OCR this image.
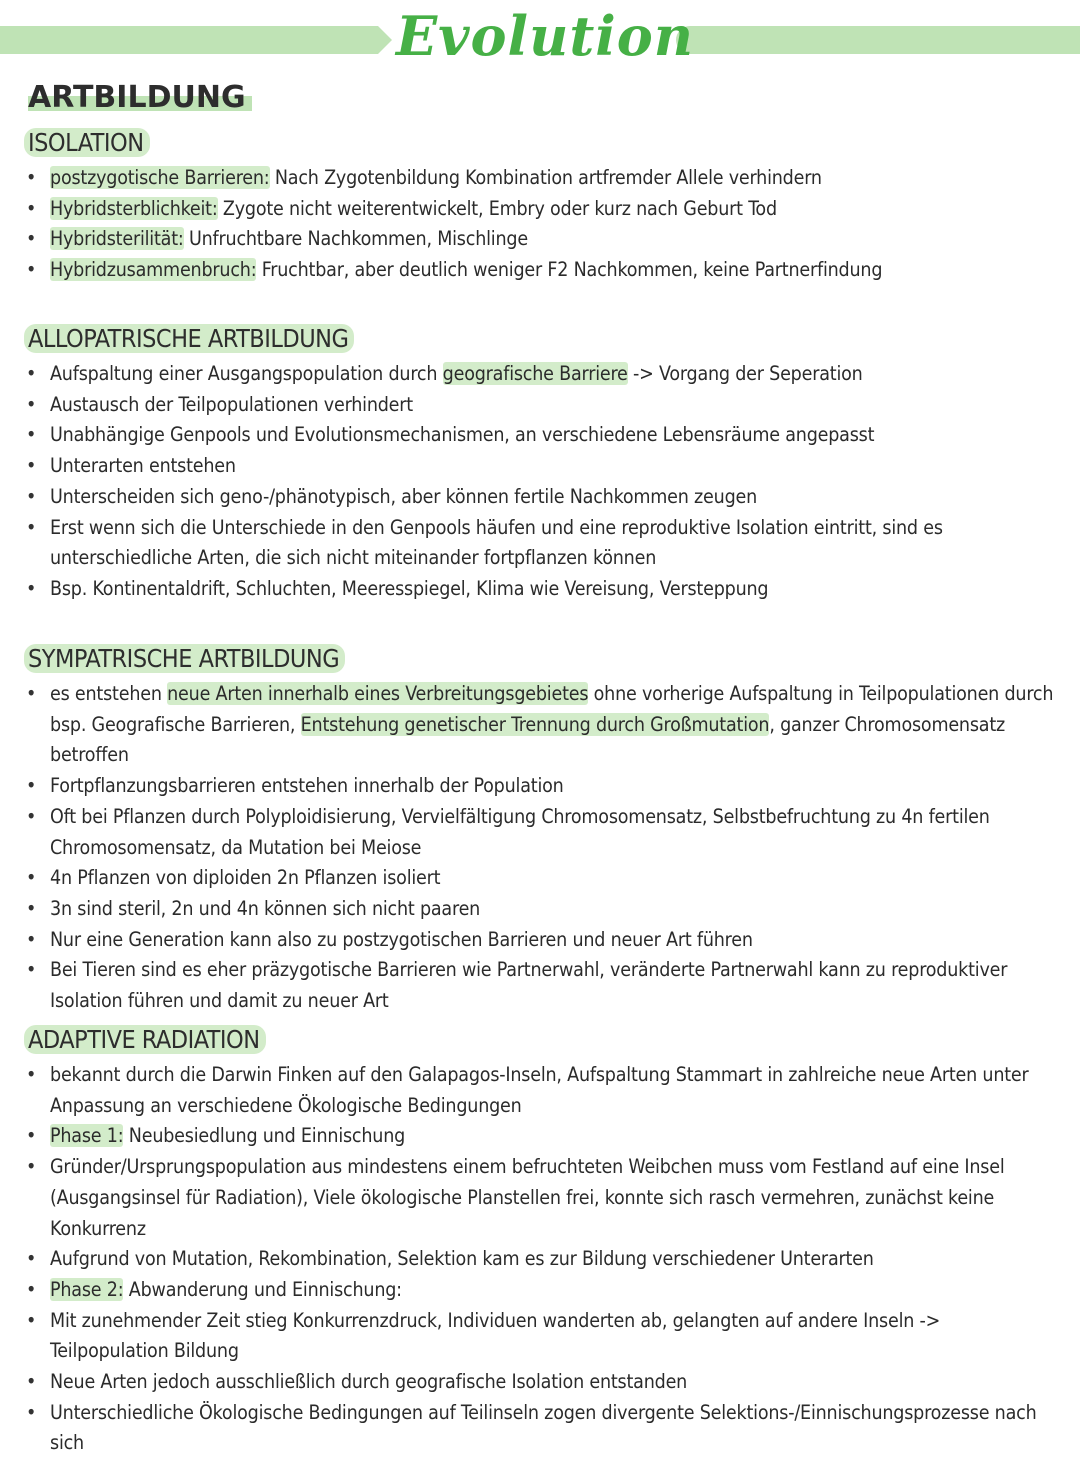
Evolution
ARTBILDUNG
ISOLATION
• postzygotische Barrieren: Nach Zygotenbildung Kombination artfremder Allele verhindern
• Hybridsterblichkeit: Zygote nicht weiterentwickelt, Embry oder kurz nach Geburt Tod
• Hybridsterilität: Unfruchtbare Nachkommen, Mischlinge
• Hybridzusammenbruch: Fruchtbar, aber deutlich weniger F2 Nachkommen, keine Partnerfindung
ALLOPATRISCHE ARTBILDUNG
• Aufspaltung einer Ausgangspopulation durch geografische Barriere -> Vorgang der Seperation
• Austausch der Teilpopulationen verhindert
• Unabhängige Genpools und Evolutionsmechanismen, an verschiedene Lebensräume angepasst
• Unterarten entstehen
• Unterscheiden sich geno-/phänotypisch, aber können fertile Nachkommen zeugen
• Erst wenn sich die Unterschiede in den Genpools häufen und eine reproduktive Isolation eintritt, sind es unterschiedliche Arten, die sich nicht miteinander fortpflanzen können
• Bsp. Kontinentaldrift, Schluchten, Meeresspiegel, Klima wie Vereisung, Versteppung
SYMPATRISCHE ARTBILDUNG
• es entstehen neue Arten innerhalb eines Verbreitungsgebietes ohne vorherige Aufspaltung in Teilpopulationen durch bsp. Geografische Barrieren, Entstehung genetischer Trennung durch Großmutation, ganzer Chromosomensatz betroffen
• Fortpflanzungsbarrieren entstehen innerhalb der Population
• Oft bei Pflanzen durch Polyploidisierung, Vervielfältigung Chromosomensatz, Selbstbefruchtung zu 4n fertilen Chromosomensatz, da Mutation bei Meiose
• 4n Pflanzen von diploiden 2n Pflanzen isoliert
• 3n sind steril, 2n und 4n können sich nicht paaren
• Nur eine Generation kann also zu postzygotischen Barrieren und neuer Art führen
• Bei Tieren sind es eher präzygotische Barrieren wie Partnerwahl, veränderte Partnerwahl kann zu reproduktiver Isolation führen und damit zu neuer Art
ADAPTIVE RADIATION
• bekannt durch die Darwin Finken auf den Galapagos-Inseln, Aufspaltung Stammart in zahlreiche neue Arten unter Anpassung an verschiedene Ökologische Bedingungen
• Phase 1: Neubesiedlung und Einnischung
• Gründer/Ursprungspopulation aus mindestens einem befruchteten Weibchen muss vom Festland auf eine Insel (Ausgangsinsel für Radiation), Viele ökologische Planstellen frei, konnte sich rasch vermehren, zunächst keine Konkurrenz
• Aufgrund von Mutation, Rekombination, Selektion kam es zur Bildung verschiedener Unterarten
• Phase 2: Abwanderung und Einnischung:
• Mit zunehmender Zeit stieg Konkurrenzdruck, Individuen wanderten ab, gelangten auf andere Inseln -> Teilpopulation Bildung
• Neue Arten jedoch ausschließlich durch geografische Isolation entstanden
• Unterschiedliche Ökologische Bedingungen auf Teilinseln zogen divergente Selektions-/Einnischungsprozesse nach sich
